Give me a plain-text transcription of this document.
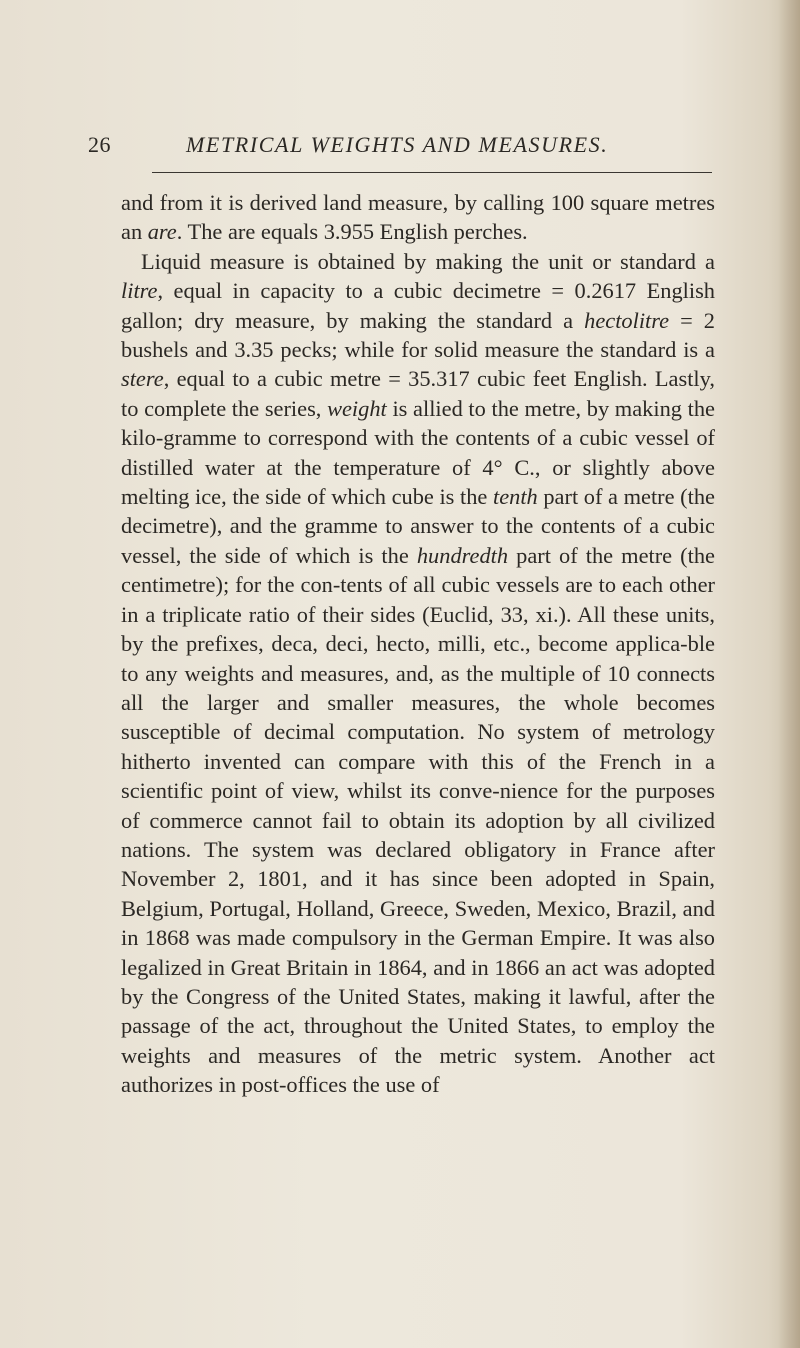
26	METRICAL WEIGHTS AND MEASURES.

and from it is derived land measure, by calling 100 square metres an are. The are equals 3.955 English perches.

Liquid measure is obtained by making the unit or standard a litre, equal in capacity to a cubic decimetre = 0.2617 English gallon; dry measure, by making the standard a hectolitre = 2 bushels and 3.35 pecks; while for solid measure the standard is a stere, equal to a cubic metre = 35.317 cubic feet English. Lastly, to complete the series, weight is allied to the metre, by making the kilo-gramme to correspond with the contents of a cubic vessel of distilled water at the temperature of 4° C., or slightly above melting ice, the side of which cube is the tenth part of a metre (the decimetre), and the gramme to answer to the contents of a cubic vessel, the side of which is the hundredth part of the metre (the centimetre); for the con-tents of all cubic vessels are to each other in a triplicate ratio of their sides (Euclid, 33, xi.). All these units, by the prefixes, deca, deci, hecto, milli, etc., become applica-ble to any weights and measures, and, as the multiple of 10 connects all the larger and smaller measures, the whole becomes susceptible of decimal computation. No system of metrology hitherto invented can compare with this of the French in a scientific point of view, whilst its conve-nience for the purposes of commerce cannot fail to obtain its adoption by all civilized nations. The system was declared obligatory in France after November 2, 1801, and it has since been adopted in Spain, Belgium, Portugal, Holland, Greece, Sweden, Mexico, Brazil, and in 1868 was made compulsory in the German Empire. It was also legalized in Great Britain in 1864, and in 1866 an act was adopted by the Congress of the United States, making it lawful, after the passage of the act, throughout the United States, to employ the weights and measures of the metric system. Another act authorizes in post-offices the use of
